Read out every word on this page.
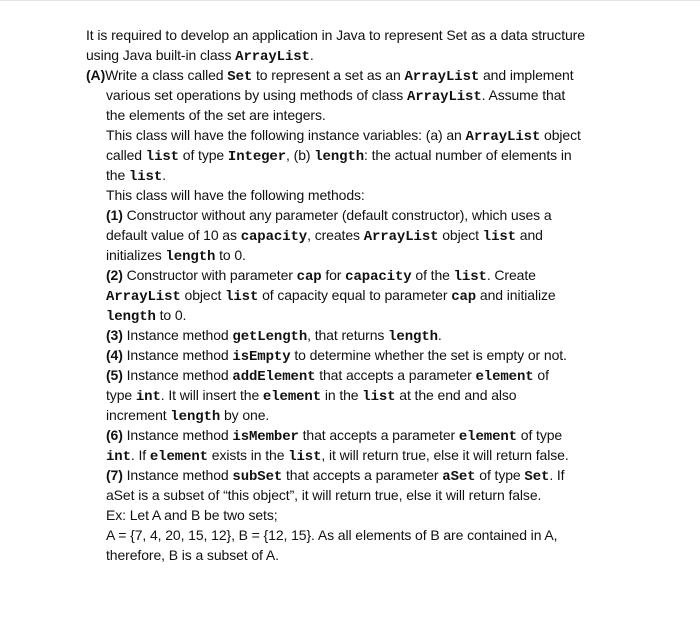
It is required to develop an application in Java to represent Set as a data structure
using Java built-in class ArrayList.
(A)Write a class called Set to represent a set as an ArrayList and implement
various set operations by using methods of class ArrayList. Assume that
the elements of the set are integers.
This class will have the following instance variables: (a) an ArrayList object
called list of type Integer, (b) length: the actual number of elements in
the list.
This class will have the following methods:
(1) Constructor without any parameter (default constructor), which uses a
default value of 10 as capacity, creates ArrayList object list and
initializes length to 0.
(2) Constructor with parameter cap for capacity of the list. Create
ArrayList object list of capacity equal to parameter cap and initialize
length to 0.
(3) Instance method getLength, that returns length.
(4) Instance method isEmpty to determine whether the set is empty or not.
(5) Instance method addElement that accepts a parameter element of
type int. It will insert the element in the list at the end and also
increment length by one.
(6) Instance method isMember that accepts a parameter element of type
int. If element exists in the list, it will return true, else it will return false.
(7) Instance method subSet that accepts a parameter aSet of type Set. If
aSet is a subset of “this object”, it will return true, else it will return false.
Ex: Let A and B be two sets;
A = {7, 4, 20, 15, 12}, B = {12, 15}. As all elements of B are contained in A,
therefore, B is a subset of A.
